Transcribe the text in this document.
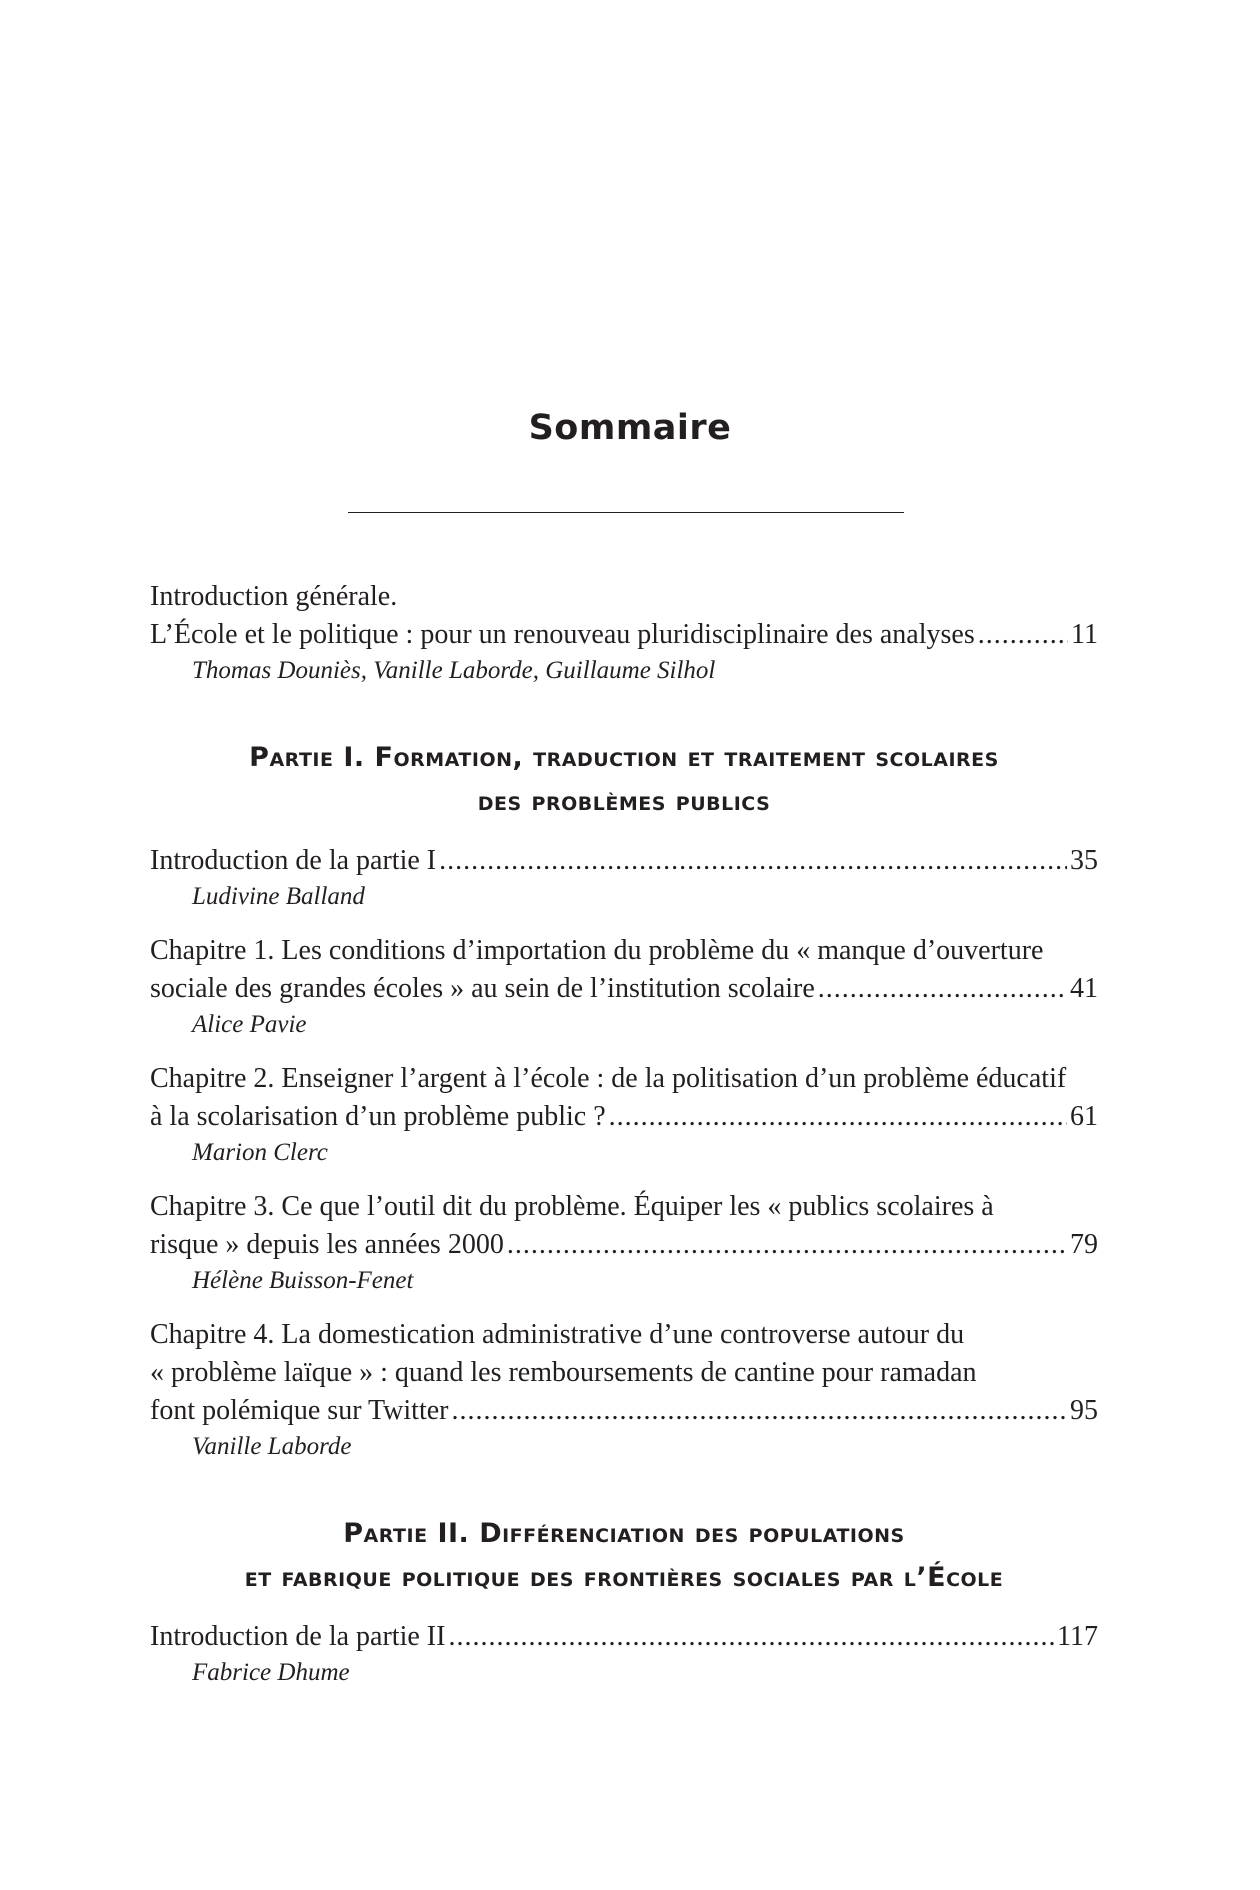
Sommaire
Introduction générale.
L’École et le politique : pour un renouveau pluridisciplinaire des analyses .....	11
Thomas Douniès, Vanille Laborde, Guillaume Silhol
Partie I. Formation, traduction et traitement scolaires
des problèmes publics
Introduction de la partie I .....	35
Ludivine Balland
Chapitre 1. Les conditions d’importation du problème du « manque d’ouverture
sociale des grandes écoles » au sein de l’institution scolaire .....	41
Alice Pavie
Chapitre 2. Enseigner l’argent à l’école : de la politisation d’un problème éducatif
à la scolarisation d’un problème public ? .....	61
Marion Clerc
Chapitre 3. Ce que l’outil dit du problème. Équiper les « publics scolaires à
risque » depuis les années 2000 .....	79
Hélène Buisson-Fenet
Chapitre 4. La domestication administrative d’une controverse autour du
« problème laïque » : quand les remboursements de cantine pour ramadan
font polémique sur Twitter .....	95
Vanille Laborde
Partie II. Différenciation des populations
et fabrique politique des frontières sociales par l’École
Introduction de la partie II .....	117
Fabrice Dhume
